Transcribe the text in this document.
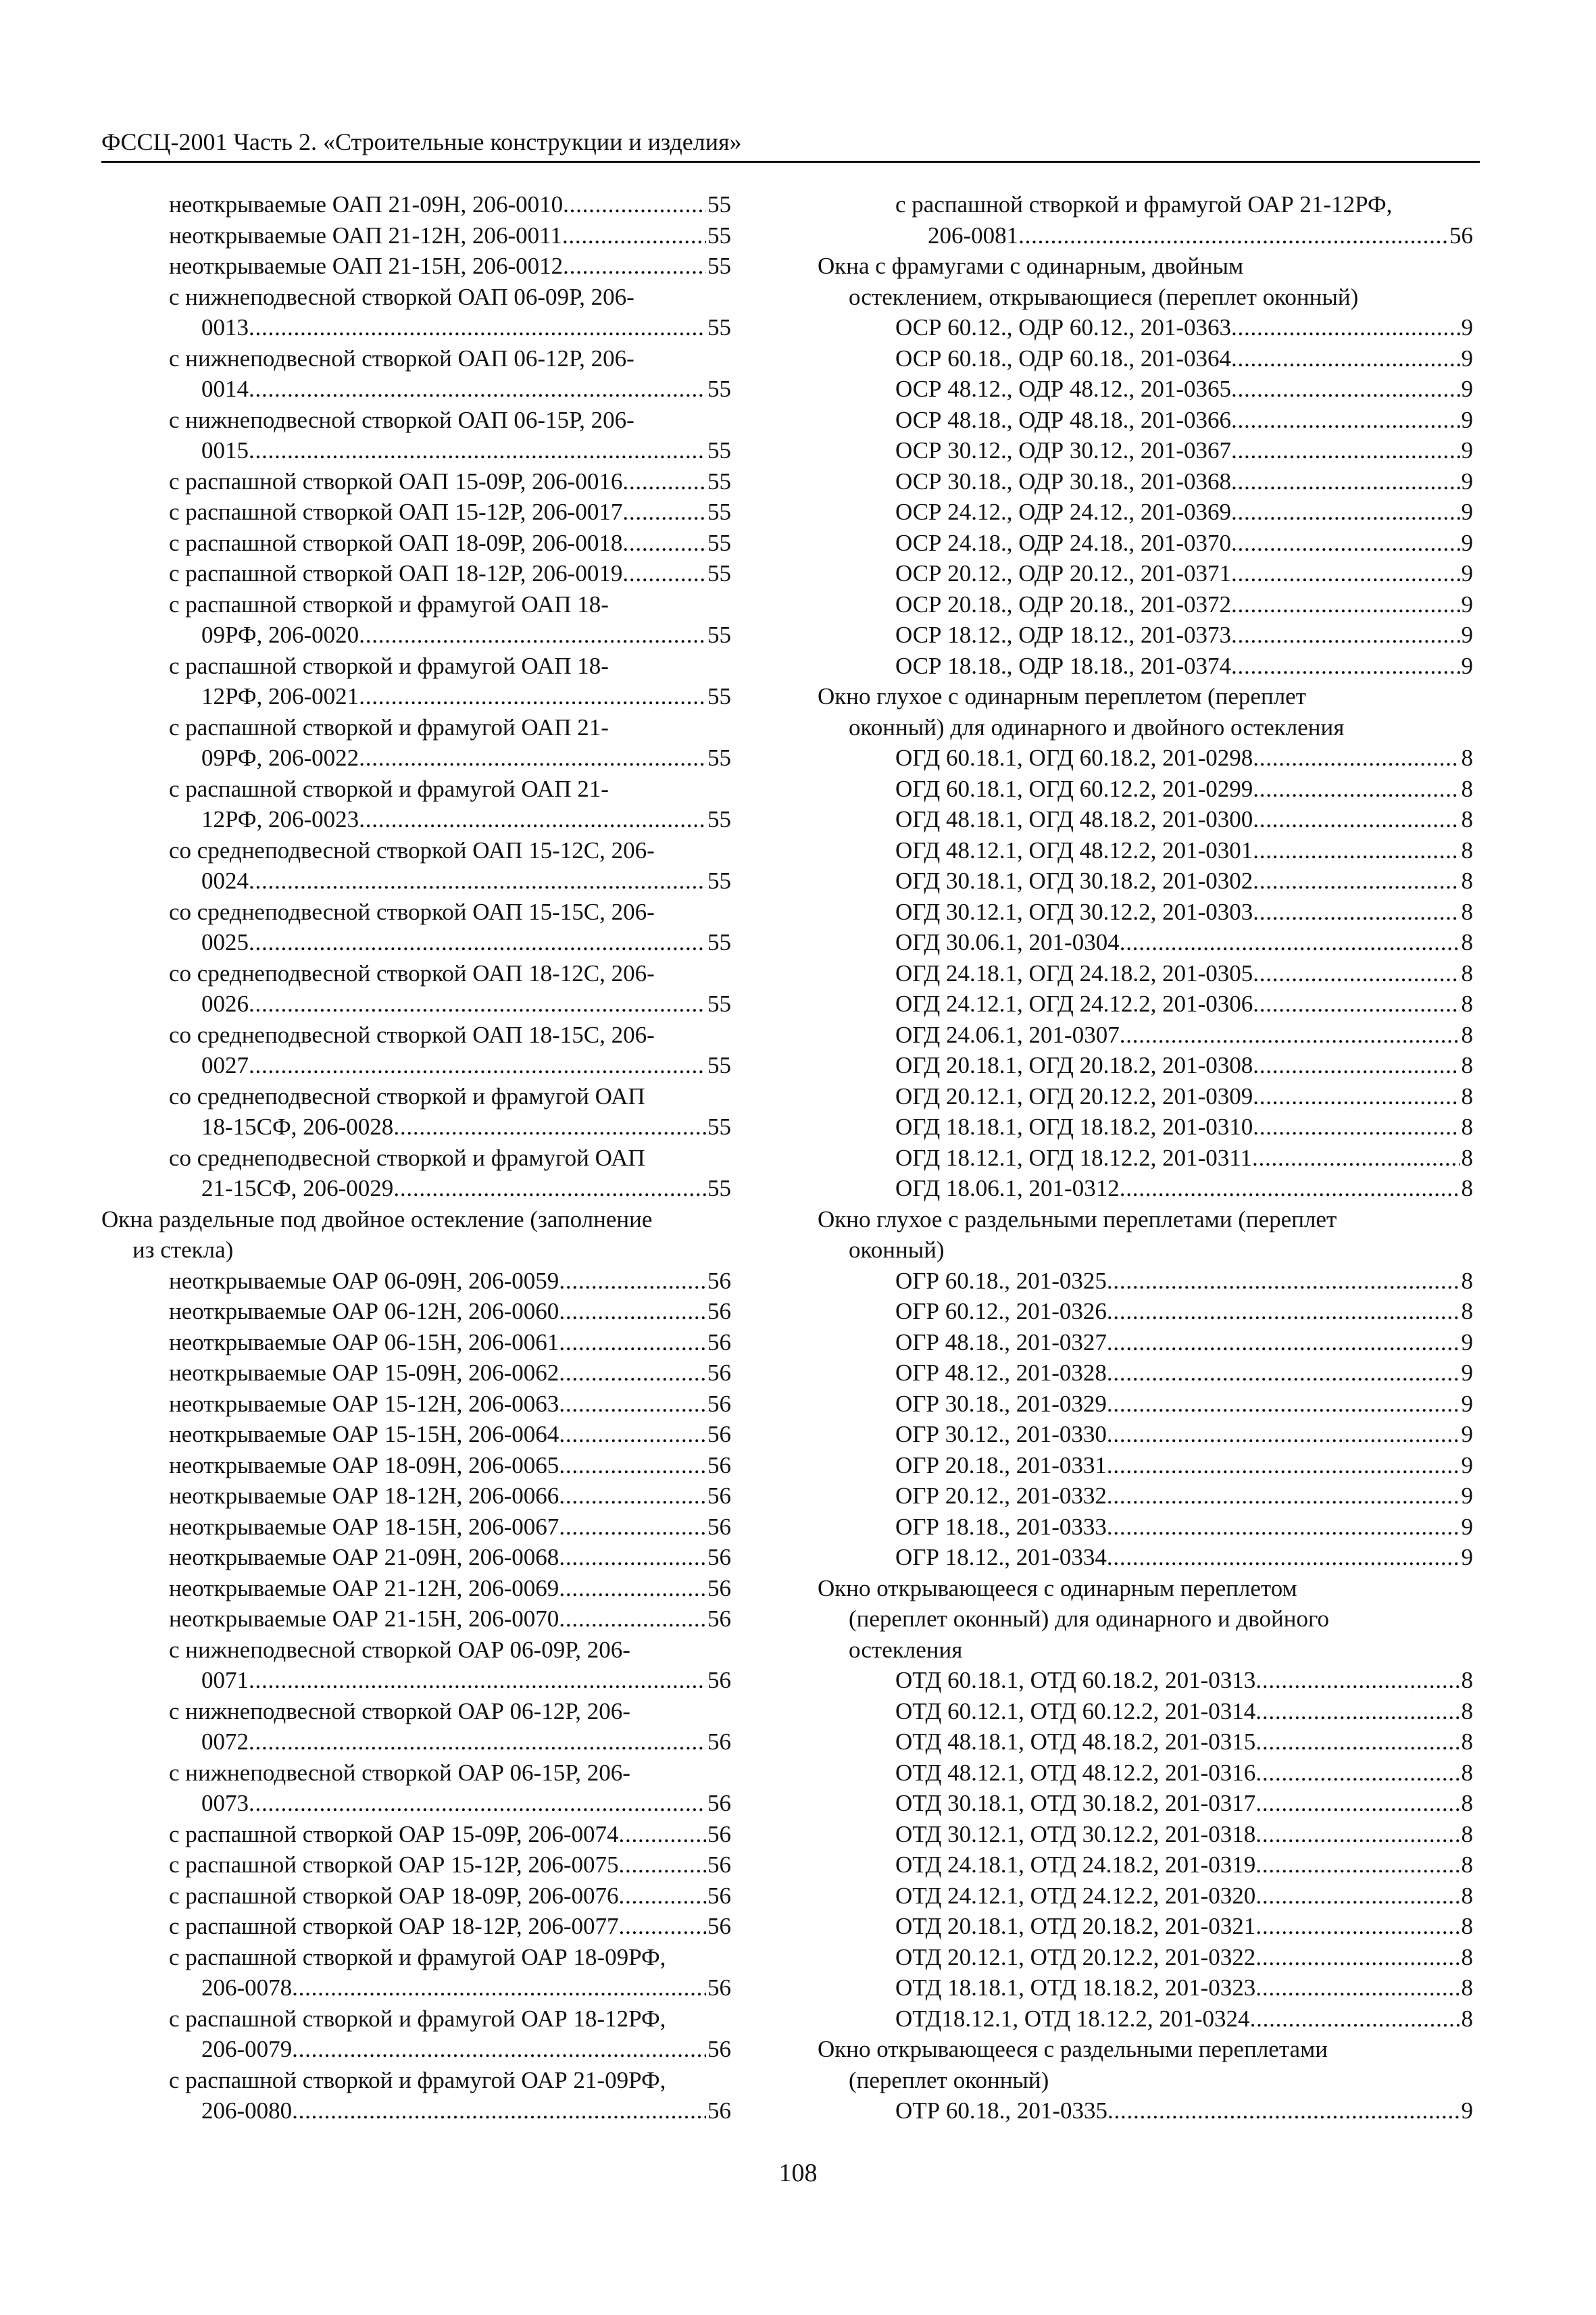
ФССЦ-2001 Часть 2. «Строительные конструкции и изделия»
неоткрываемые ОАП 21-09Н, 206-0010 . . .	55
неоткрываемые ОАП 21-12Н, 206-0011 . . .	55
неоткрываемые ОАП 21-15Н, 206-0012 . . .	55
с нижнеподвесной створкой ОАП 06-09Р, 206-
0013 . . .	55
с нижнеподвесной створкой ОАП 06-12Р, 206-
0014 . . .	55
с нижнеподвесной створкой ОАП 06-15Р, 206-
0015 . . .	55
с распашной створкой ОАП 15-09Р, 206-0016 . . .	55
с распашной створкой ОАП 15-12Р, 206-0017 . . .	55
с распашной створкой ОАП 18-09Р, 206-0018 . . .	55
с распашной створкой ОАП 18-12Р, 206-0019 . . .	55
с распашной створкой и фрамугой ОАП 18-
09РФ, 206-0020 . . .	55
с распашной створкой и фрамугой ОАП 18-
12РФ, 206-0021 . . .	55
с распашной створкой и фрамугой ОАП 21-
09РФ, 206-0022 . . .	55
с распашной створкой и фрамугой ОАП 21-
12РФ, 206-0023 . . .	55
со среднеподвесной створкой ОАП 15-12С, 206-
0024 . . .	55
со среднеподвесной створкой ОАП 15-15С, 206-
0025 . . .	55
со среднеподвесной створкой ОАП 18-12С, 206-
0026 . . .	55
со среднеподвесной створкой ОАП 18-15С, 206-
0027 . . .	55
со среднеподвесной створкой и фрамугой ОАП
18-15СФ, 206-0028 . . .	55
со среднеподвесной створкой и фрамугой ОАП
21-15СФ, 206-0029 . . .	55
Окна раздельные под двойное остекление (заполнение
из стекла)
неоткрываемые ОАР 06-09Н, 206-0059 . . .	56
неоткрываемые ОАР 06-12Н, 206-0060 . . .	56
неоткрываемые ОАР 06-15Н, 206-0061 . . .	56
неоткрываемые ОАР 15-09Н, 206-0062 . . .	56
неоткрываемые ОАР 15-12Н, 206-0063 . . .	56
неоткрываемые ОАР 15-15Н, 206-0064 . . .	56
неоткрываемые ОАР 18-09Н, 206-0065 . . .	56
неоткрываемые ОАР 18-12Н, 206-0066 . . .	56
неоткрываемые ОАР 18-15Н, 206-0067 . . .	56
неоткрываемые ОАР 21-09Н, 206-0068 . . .	56
неоткрываемые ОАР 21-12Н, 206-0069 . . .	56
неоткрываемые ОАР 21-15Н, 206-0070 . . .	56
с нижнеподвесной створкой ОАР 06-09Р, 206-
0071 . . .	56
с нижнеподвесной створкой ОАР 06-12Р, 206-
0072 . . .	56
с нижнеподвесной створкой ОАР 06-15Р, 206-
0073 . . .	56
с распашной створкой ОАР 15-09Р, 206-0074 . . .	56
с распашной створкой ОАР 15-12Р, 206-0075 . . .	56
с распашной створкой ОАР 18-09Р, 206-0076 . . .	56
с распашной створкой ОАР 18-12Р, 206-0077 . . .	56
с распашной створкой и фрамугой ОАР 18-09РФ,
206-0078 . . .	56
с распашной створкой и фрамугой ОАР 18-12РФ,
206-0079 . . .	56
с распашной створкой и фрамугой ОАР 21-09РФ,
206-0080 . . .	56
с распашной створкой и фрамугой ОАР 21-12РФ,
206-0081 . . .	56
Окна с фрамугами с одинарным, двойным
остеклением, открывающиеся (переплет оконный)
ОСР 60.12., ОДР 60.12., 201-0363 . . .	9
ОСР 60.18., ОДР 60.18., 201-0364 . . .	9
ОСР 48.12., ОДР 48.12., 201-0365 . . .	9
ОСР 48.18., ОДР 48.18., 201-0366 . . .	9
ОСР 30.12., ОДР 30.12., 201-0367 . . .	9
ОСР 30.18., ОДР 30.18., 201-0368 . . .	9
ОСР 24.12., ОДР 24.12., 201-0369 . . .	9
ОСР 24.18., ОДР 24.18., 201-0370 . . .	9
ОСР 20.12., ОДР 20.12., 201-0371 . . .	9
ОСР 20.18., ОДР 20.18., 201-0372 . . .	9
ОСР 18.12., ОДР 18.12., 201-0373 . . .	9
ОСР 18.18., ОДР 18.18., 201-0374 . . .	9
Окно глухое с одинарным переплетом (переплет
оконный) для одинарного и двойного остекления
ОГД 60.18.1, ОГД 60.18.2, 201-0298 . . .	8
ОГД 60.18.1, ОГД 60.12.2, 201-0299 . . .	8
ОГД 48.18.1, ОГД 48.18.2, 201-0300 . . .	8
ОГД 48.12.1, ОГД 48.12.2, 201-0301 . . .	8
ОГД 30.18.1, ОГД 30.18.2, 201-0302 . . .	8
ОГД 30.12.1, ОГД 30.12.2, 201-0303 . . .	8
ОГД 30.06.1, 201-0304 . . .	8
ОГД 24.18.1, ОГД 24.18.2, 201-0305 . . .	8
ОГД 24.12.1, ОГД 24.12.2, 201-0306 . . .	8
ОГД 24.06.1, 201-0307 . . .	8
ОГД 20.18.1, ОГД 20.18.2, 201-0308 . . .	8
ОГД 20.12.1, ОГД 20.12.2, 201-0309 . . .	8
ОГД 18.18.1, ОГД 18.18.2, 201-0310 . . .	8
ОГД 18.12.1, ОГД 18.12.2, 201-0311 . . .	8
ОГД 18.06.1, 201-0312 . . .	8
Окно глухое с раздельными переплетами (переплет
оконный)
ОГР 60.18., 201-0325 . . .	8
ОГР 60.12., 201-0326 . . .	8
ОГР 48.18., 201-0327 . . .	9
ОГР 48.12., 201-0328 . . .	9
ОГР 30.18., 201-0329 . . .	9
ОГР 30.12., 201-0330 . . .	9
ОГР 20.18., 201-0331 . . .	9
ОГР 20.12., 201-0332 . . .	9
ОГР 18.18., 201-0333 . . .	9
ОГР 18.12., 201-0334 . . .	9
Окно открывающееся с одинарным переплетом
(переплет оконный) для одинарного и двойного
остекления
ОТД 60.18.1, ОТД 60.18.2, 201-0313 . . .	8
ОТД 60.12.1, ОТД 60.12.2, 201-0314 . . .	8
ОТД 48.18.1, ОТД 48.18.2, 201-0315 . . .	8
ОТД 48.12.1, ОТД 48.12.2, 201-0316 . . .	8
ОТД 30.18.1, ОТД 30.18.2, 201-0317 . . .	8
ОТД 30.12.1, ОТД 30.12.2, 201-0318 . . .	8
ОТД 24.18.1, ОТД 24.18.2, 201-0319 . . .	8
ОТД 24.12.1, ОТД 24.12.2, 201-0320 . . .	8
ОТД 20.18.1, ОТД 20.18.2, 201-0321 . . .	8
ОТД 20.12.1, ОТД 20.12.2, 201-0322 . . .	8
ОТД 18.18.1, ОТД 18.18.2, 201-0323 . . .	8
ОТД18.12.1, ОТД 18.12.2, 201-0324 . . .	8
Окно открывающееся с раздельными переплетами
(переплет оконный)
ОТР 60.18., 201-0335 . . .	9
108
